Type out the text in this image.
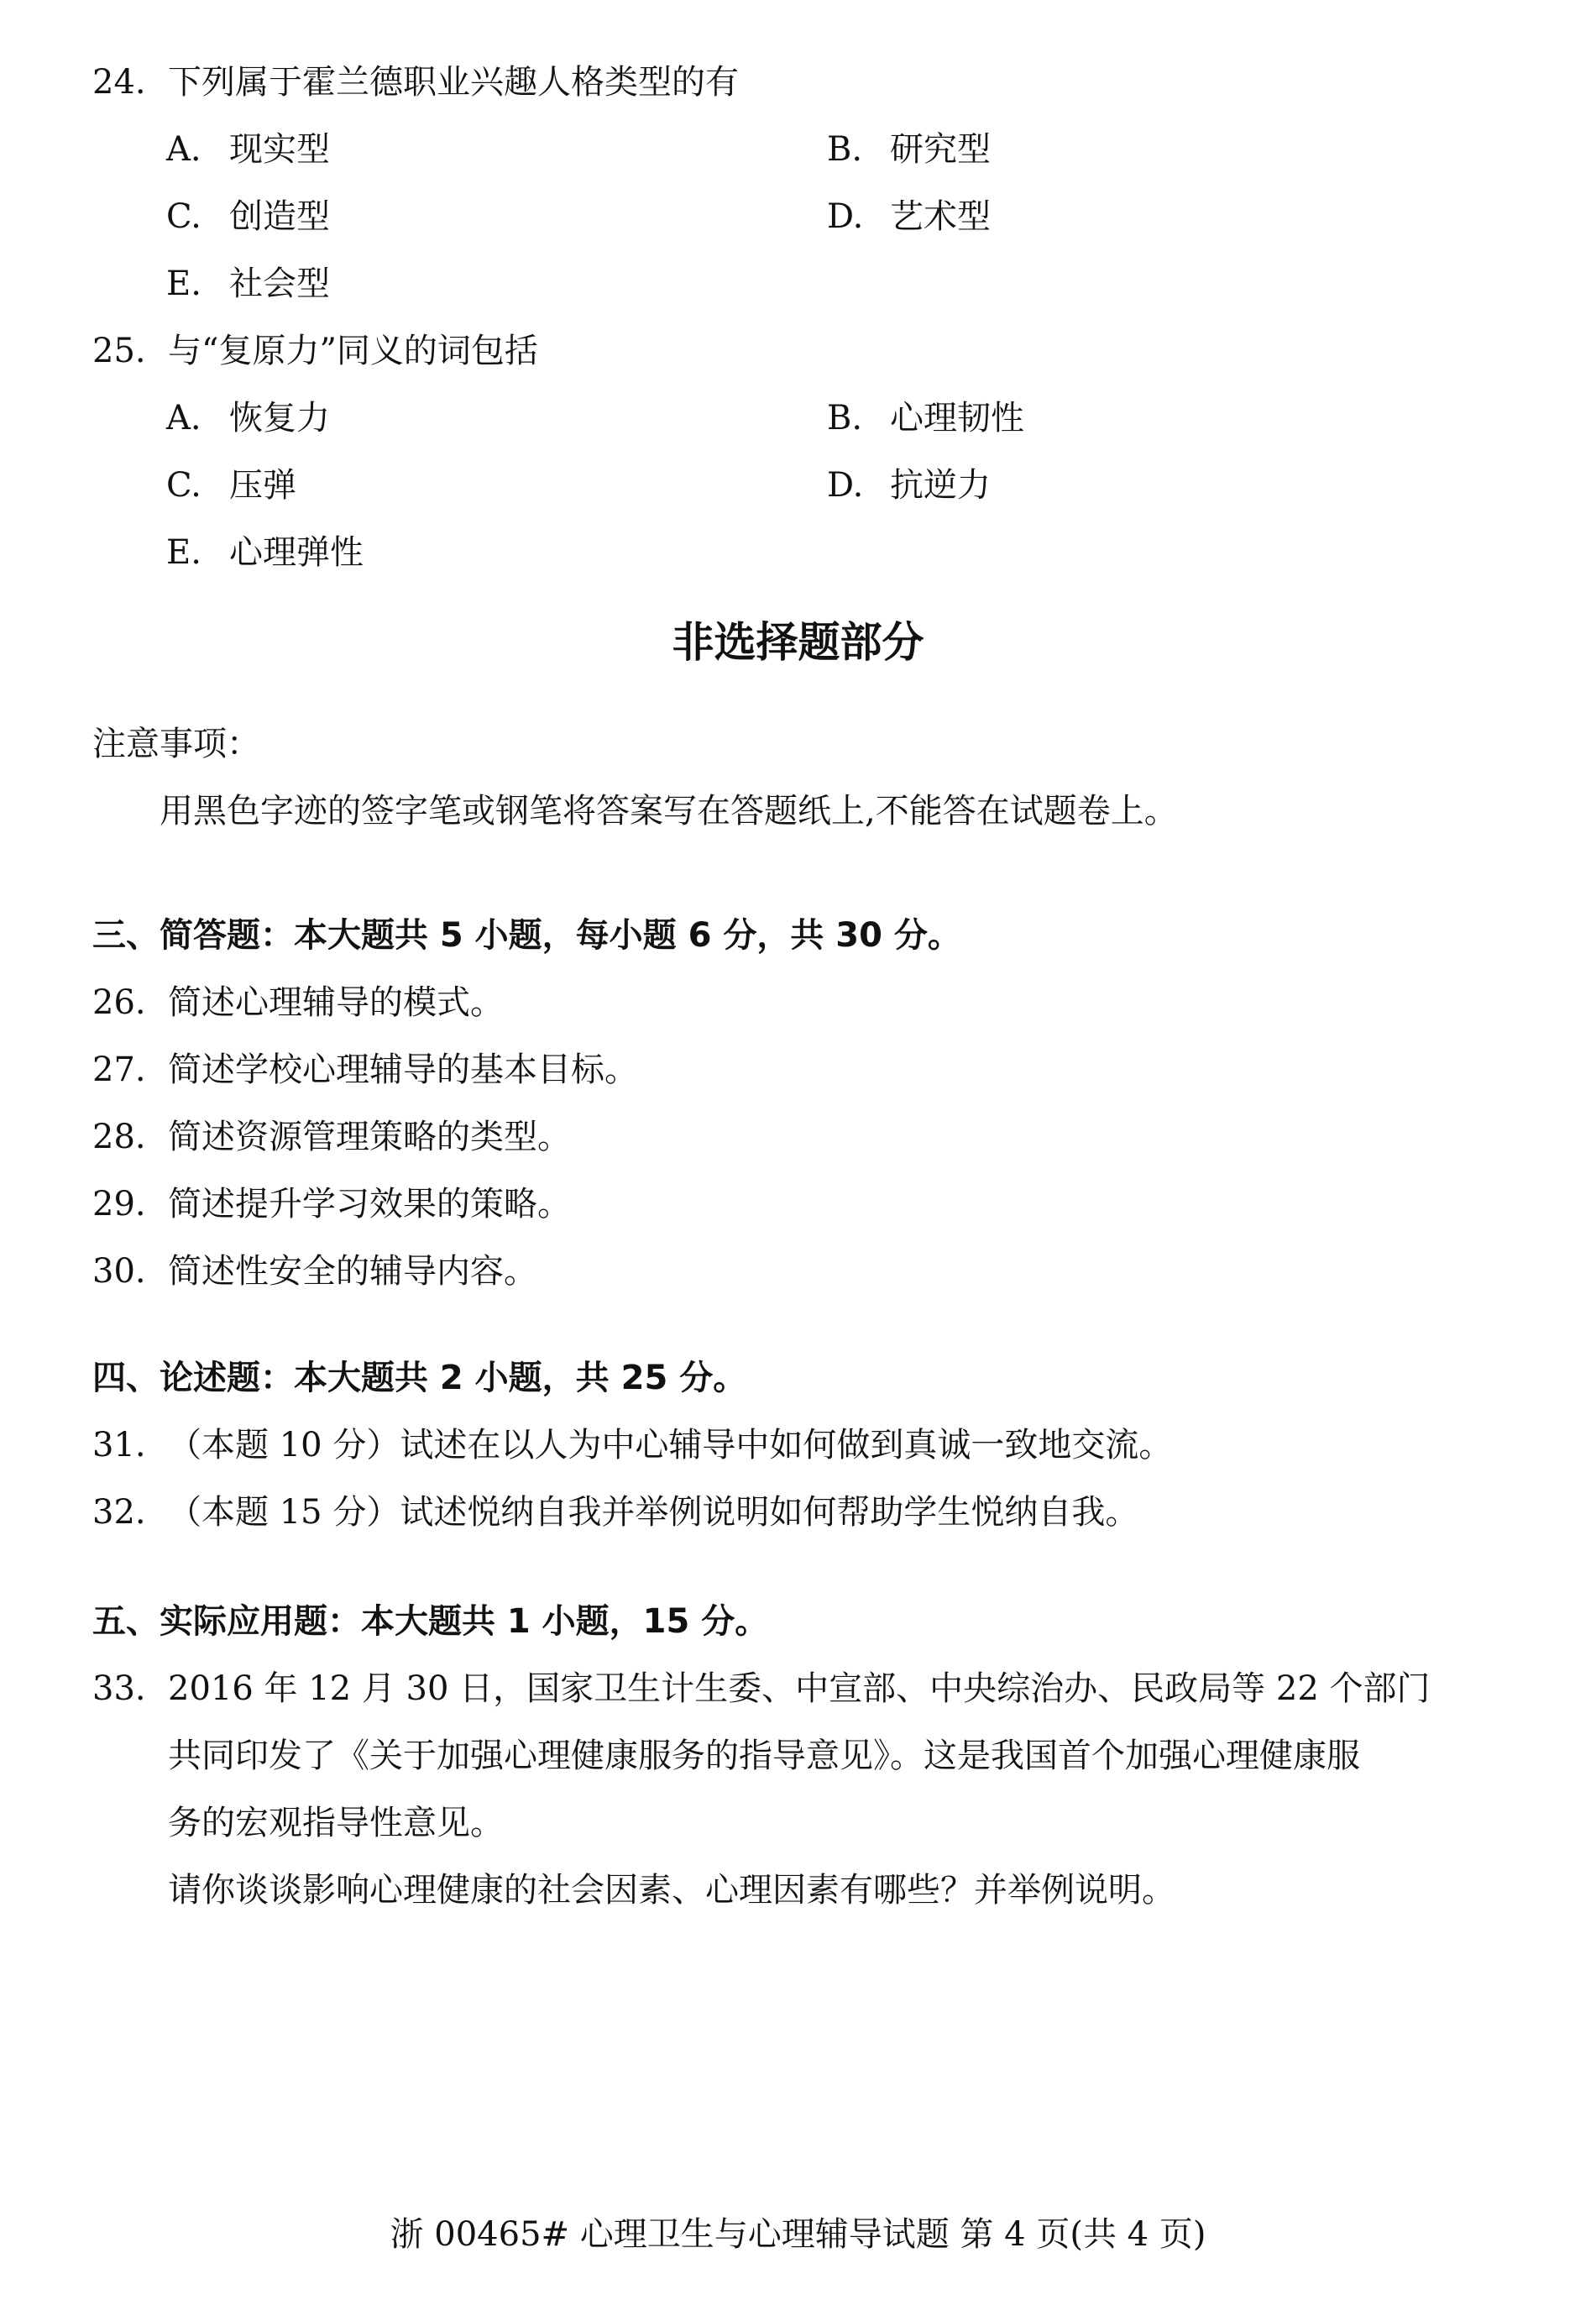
24. 下列属于霍兰德职业兴趣人格类型的有
A. 现实型	B. 研究型
C. 创造型	D. 艺术型
E. 社会型
25. 与“复原力”同义的词包括
A. 恢复力	B. 心理韧性
C. 压弹	D. 抗逆力
E. 心理弹性
非选择题部分
注意事项：
用黑色字迹的签字笔或钢笔将答案写在答题纸上,不能答在试题卷上。
三、简答题：本大题共 5 小题，每小题 6 分，共 30 分。
26. 简述心理辅导的模式。
27. 简述学校心理辅导的基本目标。
28. 简述资源管理策略的类型。
29. 简述提升学习效果的策略。
30. 简述性安全的辅导内容。
四、论述题：本大题共 2 小题，共 25 分。
31. （本题 10 分）试述在以人为中心辅导中如何做到真诚一致地交流。
32. （本题 15 分）试述悦纳自我并举例说明如何帮助学生悦纳自我。
五、实际应用题：本大题共 1 小题，15 分。
33. 2016 年 12 月 30 日，国家卫生计生委、中宣部、中央综治办、民政局等 22 个部门
共同印发了《关于加强心理健康服务的指导意见》。这是我国首个加强心理健康服
务的宏观指导性意见。
请你谈谈影响心理健康的社会因素、心理因素有哪些？并举例说明。
浙 00465# 心理卫生与心理辅导试题 第 4 页(共 4 页)
